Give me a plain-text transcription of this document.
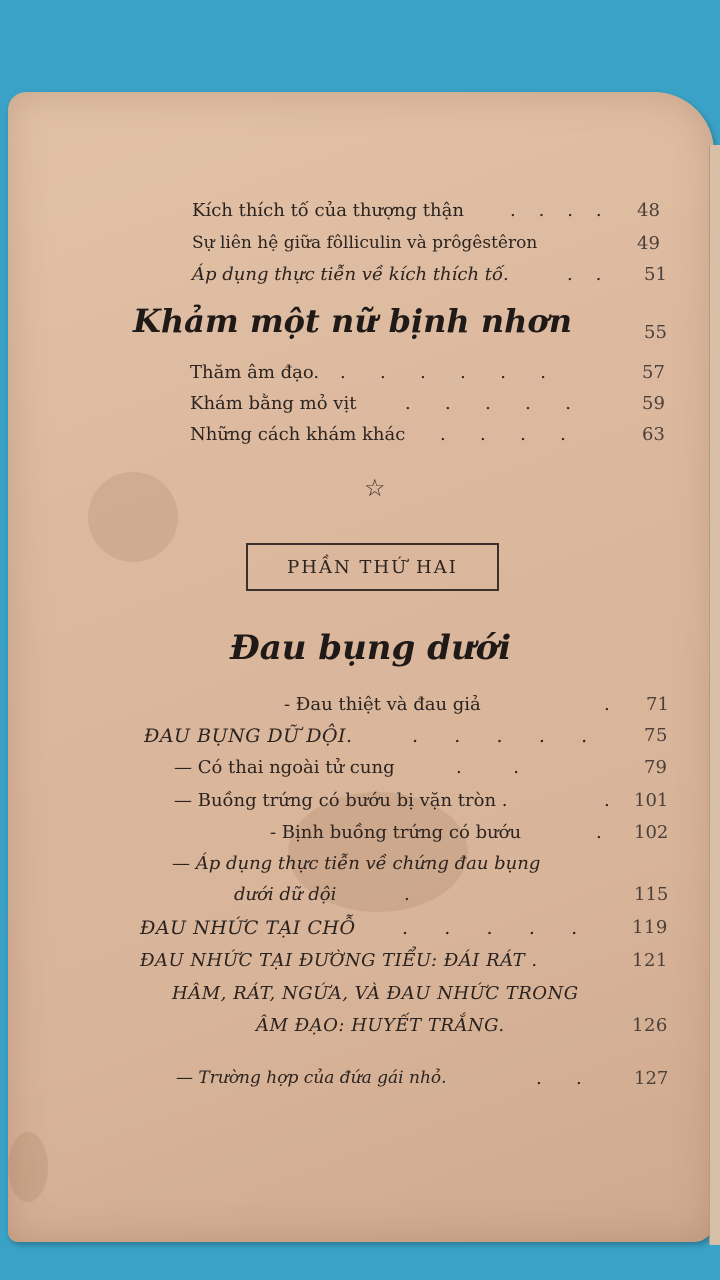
Kích thích tố của thượng thận	.    .    .    . 48
Sự liên hệ giữa fôlliculin và prôgêstêron	49
Áp dụng thực tiễn về kích thích tố.	.    . 51
Khảm một nữ bịnh nhơn	55
Thăm âm đạo. .      .      .      .      .      .	57
Khám bằng mỏ vịt	.      .      .      .      .	59
Những cách khám khác .      .      .      .	63
☆
PHẦN THỨ HAI
Đau bụng dưới
- Đau thiệt và đau giả	. 71
ĐAU BỤNG DỮ DỘI.	.      .      .      .      .	75
— Có thai ngoài tử cung	.         .	79
— Buồng trứng có bướu bị vặn tròn .	. 101
- Bịnh buồng trứng có bướu	. 102
— Áp dụng thực tiễn về chứng đau bụng
dưới dữ dội	.	115
ĐAU NHỨC TẠI CHỖ .      .      .      .      .	119
ĐAU NHỨC TẠI ĐƯỜNG TIỂU: ĐÁI RÁT .	121
HÂM, RÁT, NGỨA, VÀ ĐAU NHỨC TRONG
ÂM ĐẠO: HUYẾT TRẮNG.	126
— Trường hợp của đứa gái nhỏ.	.      .	127
